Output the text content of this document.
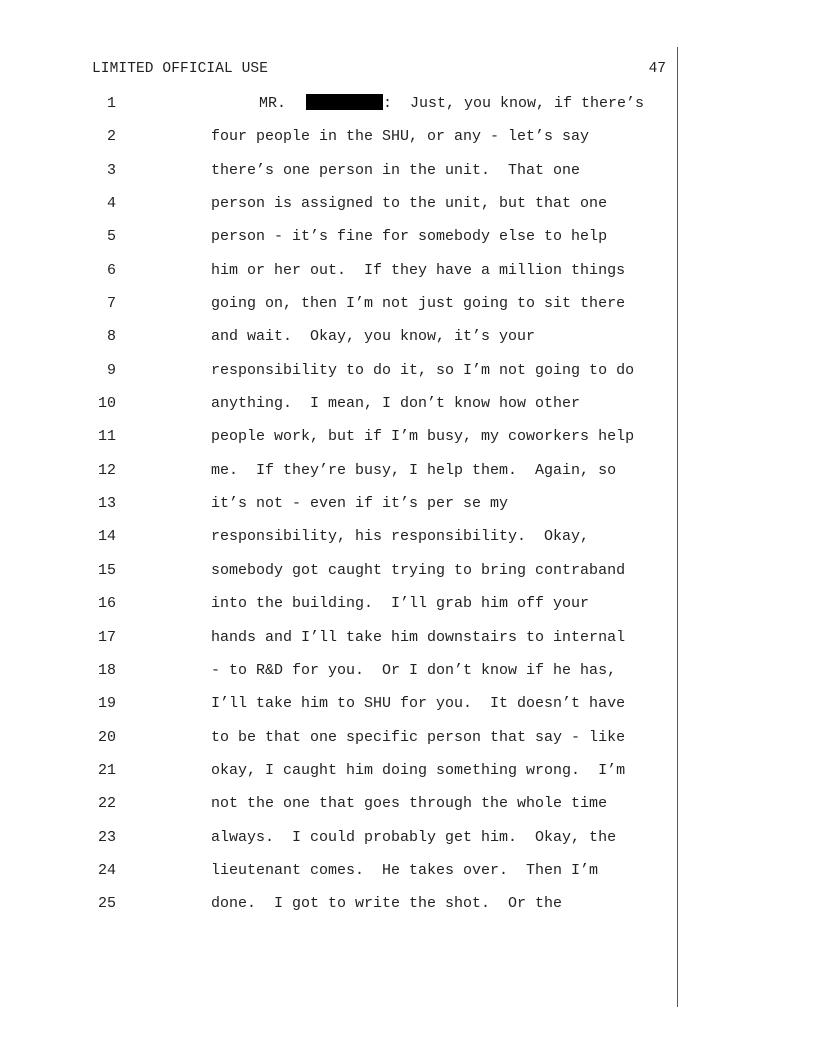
LIMITED OFFICIAL USE	47
1	MR.	:  Just, you know, if there’s
2	four people in the SHU, or any - let’s say
3	there’s one person in the unit.  That one
4	person is assigned to the unit, but that one
5	person - it’s fine for somebody else to help
6	him or her out.  If they have a million things
7	going on, then I’m not just going to sit there
8	and wait.  Okay, you know, it’s your
9	responsibility to do it, so I’m not going to do
10	anything.  I mean, I don’t know how other
11	people work, but if I’m busy, my coworkers help
12	me.  If they’re busy, I help them.  Again, so
13	it’s not - even if it’s per se my
14	responsibility, his responsibility.  Okay,
15	somebody got caught trying to bring contraband
16	into the building.  I’ll grab him off your
17	hands and I’ll take him downstairs to internal
18	- to R&D for you.  Or I don’t know if he has,
19	I’ll take him to SHU for you.  It doesn’t have
20	to be that one specific person that say - like
21	okay, I caught him doing something wrong.  I’m
22	not the one that goes through the whole time
23	always.  I could probably get him.  Okay, the
24	lieutenant comes.  He takes over.  Then I’m
25	done.  I got to write the shot.  Or the
